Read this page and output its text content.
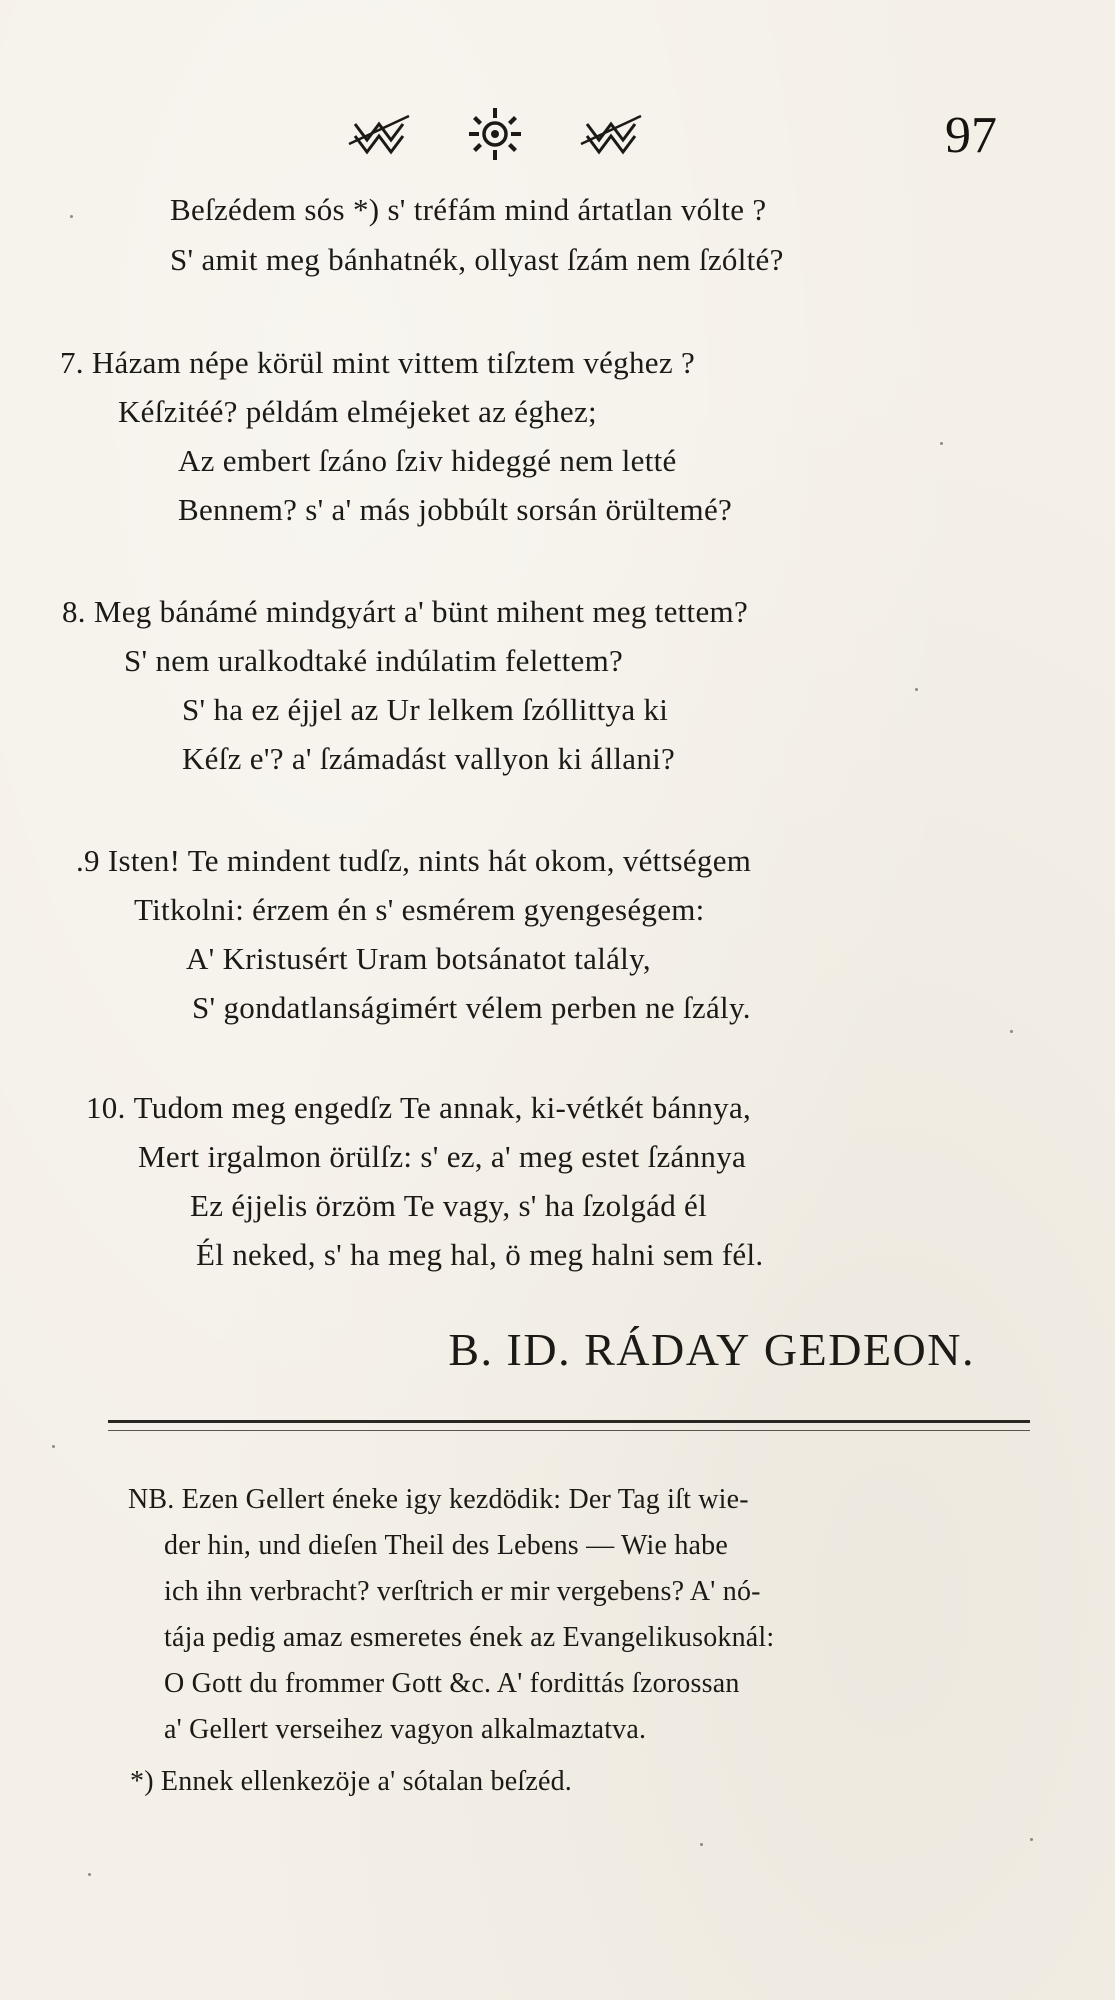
97
Beſzédem sós *) s' tréfám mind ártatlan vólte ?
S' amit meg bánhatnék, ollyast ſzám nem ſzólté?
7. Házam népe körül mint vittem tiſztem véghez ?
Kéſzitéé? példám elméjeket az éghez;
Az embert ſzáno ſziv hideggé nem letté
Bennem? s' a' más jobbúlt sorsán örültemé?
8. Meg bánámé mindgyárt a' bünt mihent meg tettem?
S' nem uralkodtaké indúlatim felettem?
S' ha ez éjjel az Ur lelkem ſzóllittya ki
Kéſz e'? a' ſzámadást vallyon ki állani?
.9 Isten! Te mindent tudſz, nints hát okom, véttségem
Titkolni: érzem én s' esmérem gyengeségem:
A' Kristusért Uram botsánatot talály,
S' gondatlanságimért vélem perben ne ſzály.
10. Tudom meg engedſz Te annak, ki-vétkét bánnya,
Mert irgalmon örülſz: s' ez, a' meg estet ſzánnya
Ez éjjelis örzöm Te vagy, s' ha ſzolgád él
Él neked, s' ha meg hal, ö meg halni sem fél.
B. ID. RÁDAY GEDEON.
NB. Ezen Gellert éneke igy kezdödik: Der Tag iſt wie-
der hin, und dieſen Theil des Lebens — Wie habe
ich ihn verbracht? verſtrich er mir vergebens? A' nó-
tája pedig amaz esmeretes ének az Evangelikusoknál:
O Gott du frommer Gott &c. A' fordittás ſzorossan
a' Gellert verseihez vagyon alkalmaztatva.
*) Ennek ellenkezöje a' sótalan beſzéd.
